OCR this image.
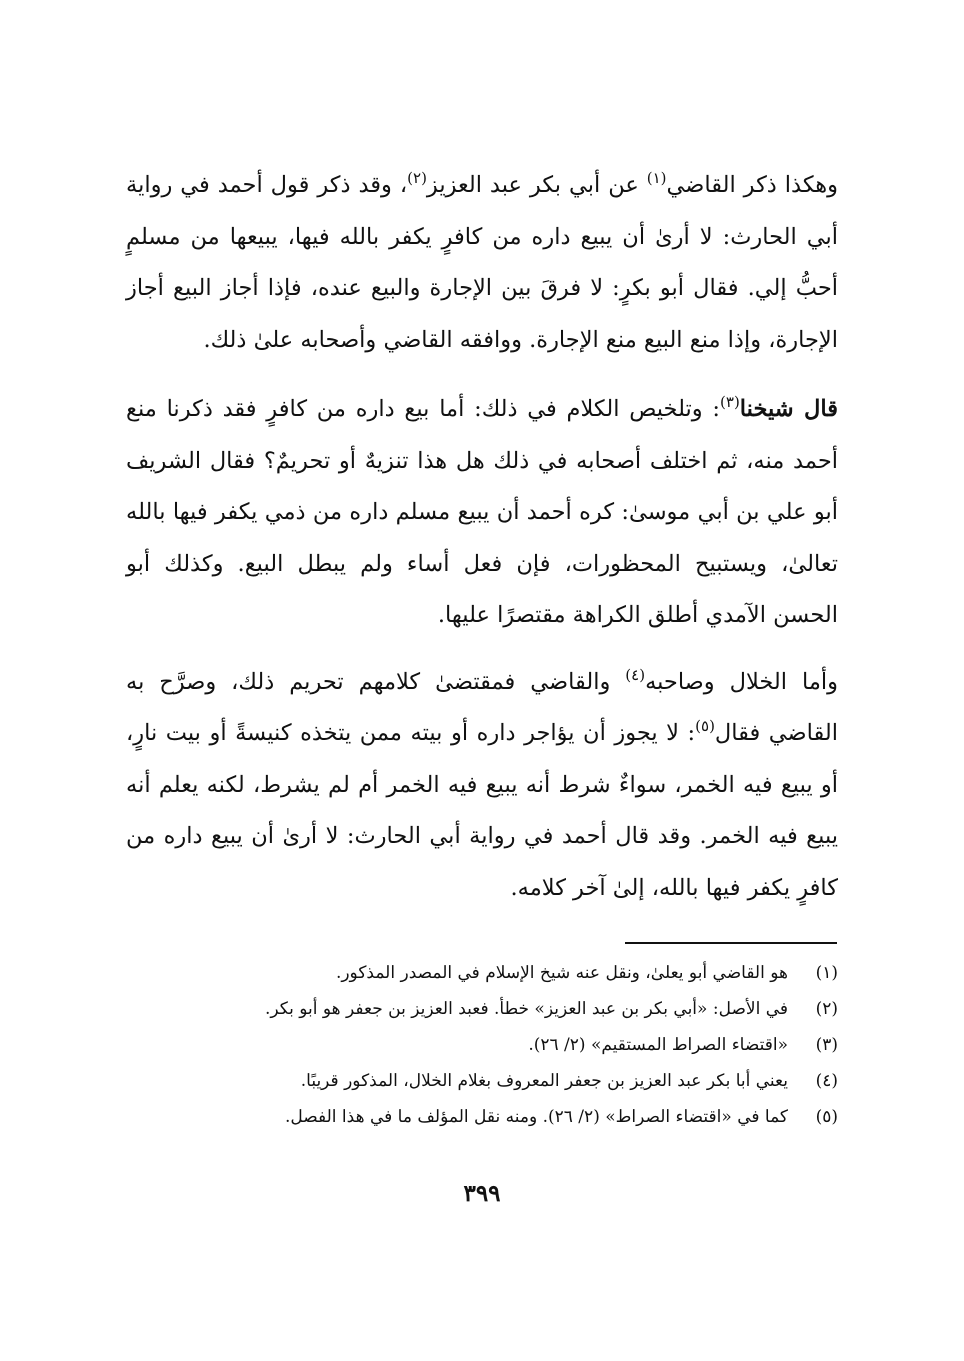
وهكذا ذكر القاضي$^{(١)}$ عن أبي بكر عبد العزيز$^{(٢)}$، وقد ذكر قول أحمد في رواية أبي الحارث: لا أرىٰ أن يبيع داره من كافرٍ يكفر بالله فيها، يبيعها من مسلمٍ أحبُّ إلي. فقال أبو بكرٍ: لا فرقَ بين الإجارة والبيع عنده، فإذا أجاز البيع أجاز الإجارة، وإذا منع البيع منع الإجارة. ووافقه القاضي وأصحابه علىٰ ذلك.

قال شيخنا$^{(٣)}$: وتلخيص الكلام في ذلك: أما بيع داره من كافرٍ فقد ذكرنا منع أحمد منه، ثم اختلف أصحابه في ذلك هل هذا تنزيهٌ أو تحريمٌ؟ فقال الشريف أبو علي بن أبي موسىٰ: كره أحمد أن يبيع مسلم داره من ذمي يكفر فيها بالله تعالىٰ، ويستبيح المحظورات، فإن فعل أساء ولم يبطل البيع. وكذلك أبو الحسن الآمدي أطلق الكراهة مقتصرًا عليها.

وأما الخلال وصاحبه$^{(٤)}$ والقاضي فمقتضىٰ كلامهم تحريم ذلك، وصرَّح به القاضي فقال$^{(٥)}$: لا يجوز أن يؤاجر داره أو بيته ممن يتخذه كنيسةً أو بيت نارٍ، أو يبيع فيه الخمر، سواءٌ شرط أنه يبيع فيه الخمر أم لم يشرط، لكنه يعلم أنه يبيع فيه الخمر. وقد قال أحمد في رواية أبي الحارث: لا أرىٰ أن يبيع داره من كافرٍ يكفر فيها بالله، إلىٰ آخر كلامه.

(١)هو القاضي أبو يعلىٰ، ونقل عنه شيخ الإسلام في المصدر المذكور.
(٢)في الأصل: «أبي بكر بن عبد العزيز» خطأ. فعبد العزيز بن جعفر هو أبو بكر.
(٣)«اقتضاء الصراط المستقيم» (٢/ ٢٦).
(٤)يعني أبا بكر عبد العزيز بن جعفر المعروف بغلام الخلال، المذكور قريبًا.
(٥)كما في «اقتضاء الصراط» (٢/ ٢٦). ومنه نقل المؤلف ما في هذا الفصل.
٣٩٩
